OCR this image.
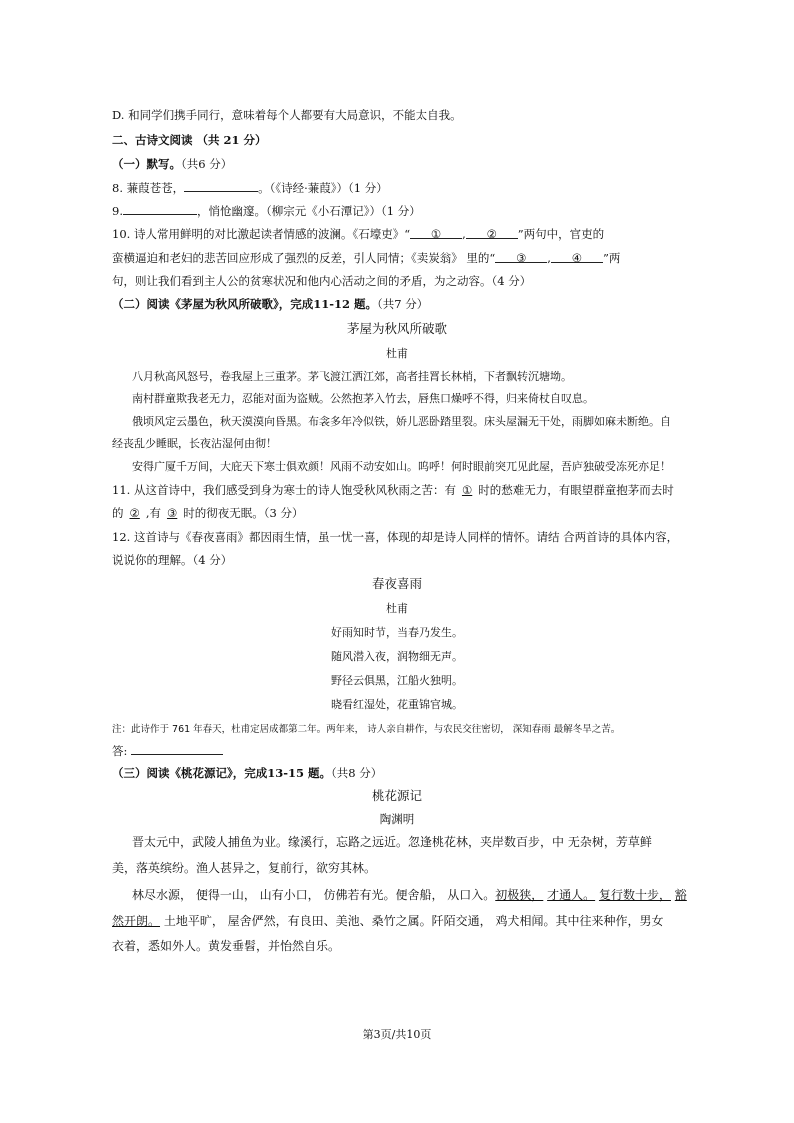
D. 和同学们携手同行，意味着每个人都要有大局意识，不能太自我。
二、古诗文阅读 （共 21 分）
（一）默写。（共6 分）
8. 蒹葭苍苍，	。（《诗经·蒹葭》）（1 分）
9.	，悄怆幽邃。（柳宗元《小石潭记》）（1 分）
10. 诗人常用鲜明的对比激起读者情感的波澜。《石壕吏》“ ① , ② ”两句中，官吏的
蛮横逼迫和老妇的悲苦回应形成了强烈的反差，引人同情；《卖炭翁》 里的“ ③ , ④ ”两
句，则让我们看到主人公的贫寒状况和他内心活动之间的矛盾，为之动容。（4 分）
（二）阅读《茅屋为秋风所破歌》，完成11-12 题。（共7 分）
茅屋为秋风所破歌
杜甫
八月秋高风怒号，卷我屋上三重茅。茅飞渡江洒江郊，高者挂罥长林梢，下者飘转沉塘坳。
南村群童欺我老无力，忍能对面为盗贼。公然抱茅入竹去，唇焦口燥呼不得，归来倚杖自叹息。
俄顷风定云墨色，秋天漠漠向昏黑。布衾多年冷似铁，娇儿恶卧踏里裂。床头屋漏无干处，雨脚如麻未断绝。自
经丧乱少睡眠，长夜沾湿何由彻！
安得广厦千万间，大庇天下寒士俱欢颜！风雨不动安如山。呜呼！何时眼前突兀见此屋，吾庐独破受冻死亦足！
11. 从这首诗中，我们感受到身为寒士的诗人饱受秋风秋雨之苦：有 ① 时的愁难无力，有眼望群童抱茅而去时
的 ② ,有 ③ 时的彻夜无眠。（3 分）
12. 这首诗与《春夜喜雨》都因雨生情，虽一忧一喜，体现的却是诗人同样的情怀。请结 合两首诗的具体内容，
说说你的理解。（4 分）
春夜喜雨
杜甫
好雨知时节，当春乃发生。
随风潜入夜，润物细无声。
野径云俱黑，江船火独明。
晓看红湿处，花重锦官城。
注：此诗作于 761 年春天，杜甫定居成都第二年。两年来， 诗人亲自耕作，与农民交往密切， 深知春雨 最解冬旱之苦。
答:
（三）阅读《桃花源记》，完成13-15 题。（共8 分）
桃花源记
陶渊明
晋太元中，武陵人捕鱼为业。缘溪行，忘路之远近。忽逢桃花林，夹岸数百步，中 无杂树，芳草鲜
美，落英缤纷。渔人甚异之，复前行，欲穷其林。
林尽水源， 便得一山， 山有小口， 仿佛若有光。便舍船， 从口入。初极狭， 才通人。 复行数十步， 豁
然开朗。 土地平旷， 屋舍俨然，有良田、美池、桑竹之属。阡陌交通， 鸡犬相闻。其中往来种作，男女
衣着，悉如外人。黄发垂髫，并怡然自乐。
第3页/共10页
